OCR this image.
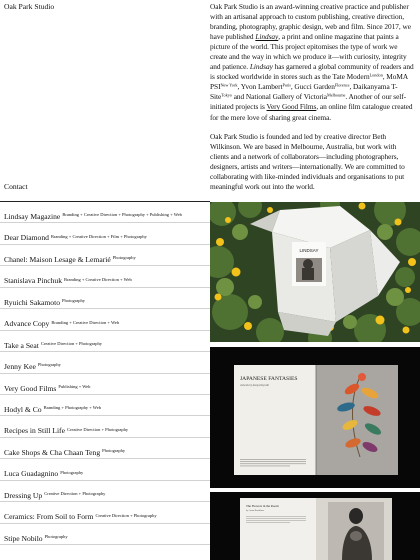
Oak Park Studio
Contact

Oak Park Studio is an award-winning creative practice and publisher with an artisanal approach to custom publishing, creative direction, branding, photography, graphic design, web and film. Since 2017, we have published Lindsay, a print and online magazine that paints a picture of the world. This project epitomises the type of work we create and the way in which we produce it—with curiosity, integrity and patience. Lindsay has garnered a global community of readers and is stocked worldwide in stores such as the Tate Modern$^{London}$, MoMA $PSI^{New York}$, Yvon Lambert$^{Paris}$, Gucci Garden$^{Florence}$, Daikanyama T-Site$^{Tokyo}$ and National Gallery of Victoria$^{Melbourne}$. Another of our self-initiated projects is Very Good Films, an online film catalogue created for the mere love of sharing great cinema.

Oak Park Studio is founded and led by creative director Beth Wilkinson. We are based in Melbourne, Australia, but work with clients and a network of collaborators—including photographers, designers, artists and writers—internationally. We are committed to collaborating with like-minded individuals and organisations to put meaningful work out into the world.

Lindsay Magazine Branding + Creative Direction + Photography + Publishing + Web
Dear Diamond Branding + Creative Direction + Film + Photography
Chanel: Maison Lesage & Lemarié Photography
Stanislava Pinchuk Branding + Creative Direction + Web
Ryuichi Sakamoto Photography
Advance Copy Branding + Creative Direction + Web
Take a Seat Creative Direction + Photography
Jenny Kee Photography
Very Good Films Publishing + Web
Hodyl & Co Branding + Photography + Web
Recipes in Still Life Creative Direction + Photography
Cake Shops & Cha Chaan Teng Photography
Luca Guadagnino Photography
Dressing Up Creative Direction + Photography
Ceramics: From Soil to Form Creative Direction + Photography
Stipe Nobilo Photography
LINDSAY
JAPANESE FANTASIES
Artwork by Atsuya Kiyoshi
The Flowers in the Room
by Anna Bradshaw
